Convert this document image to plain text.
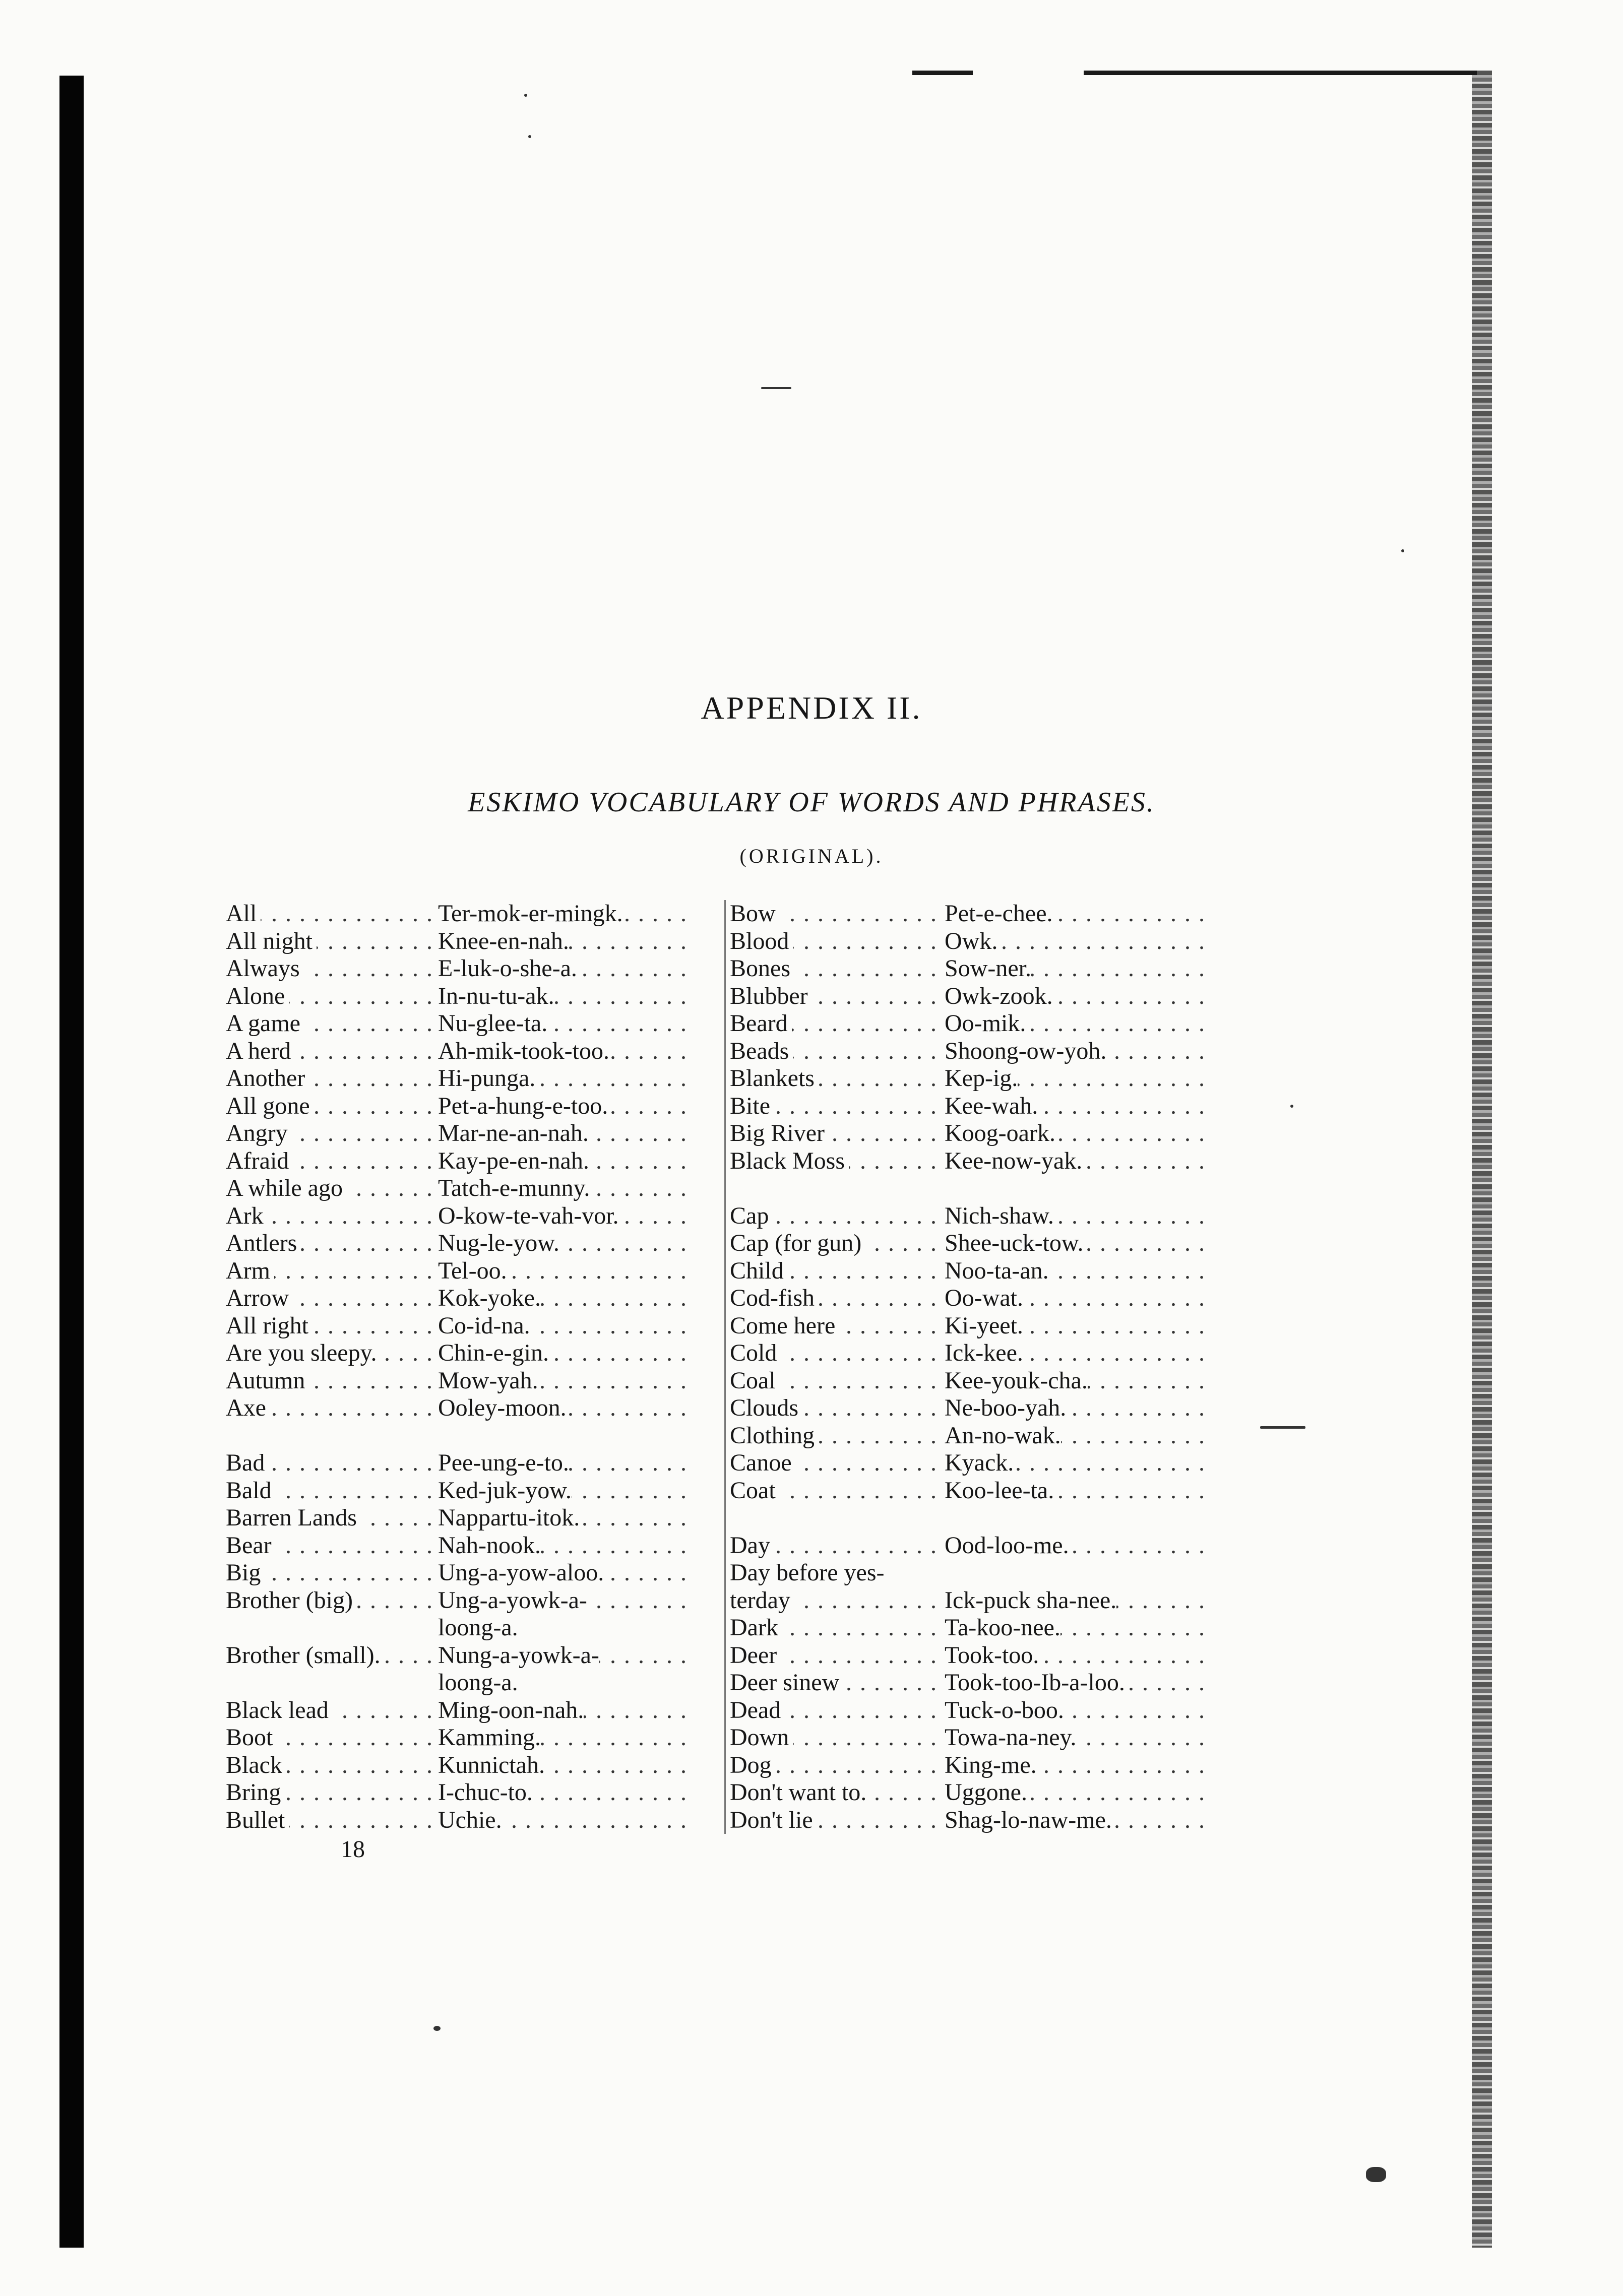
APPENDIX II.
ESKIMO VOCABULARY OF WORDS AND PHRASES.
(ORIGINAL).
All . . .	Ter-mok-er-mingk.
All night . . .	Knee-en-nah.
Always . . .	E-luk-o-she-a.
Alone . . .	In-nu-tu-ak.
A game . . .	Nu-glee-ta.
A herd . . .	Ah-mik-took-too.
Another . . .	Hi-punga.
All gone . . .	Pet-a-hung-e-too.
Angry . . .	Mar-ne-an-nah.
Afraid . . .	Kay-pe-en-nah.
A while ago . . .	Tatch-e-munny.
Ark . . .	O-kow-te-vah-vor.
Antlers . . .	Nug-le-yow.
Arm . . .	Tel-oo.
Arrow . . .	Kok-yoke.
All right . . .	Co-id-na.
Are you sleepy. . . .	Chin-e-gin.
Autumn . . .	Mow-yah.
Axe . . .	Ooley-moon.
Bad . . .	Pee-ung-e-to.
Bald . . .	Ked-juk-yow.
Barren Lands . . .	Nappartu-itok.
Bear . . .	Nah-nook.
Big . . .	Ung-a-yow-aloo.
Brother (big) . . .	Ung-a-yowk-a-
loong-a.
Brother (small). . . . Nung-a-yowk-a-
loong-a.
Black lead . . .	Ming-oon-nah.
Boot . . .	Kamming.
Black . . .	Kunnictah.
Bring . . .	I-chuc-to.
Bullet . . .	Uchie.
Bow . . .	Pet-e-chee.
Blood . . .	Owk.
Bones . . .	Sow-ner.
Blubber . . .	Owk-zook.
Beard . . .	Oo-mik.
Beads . . .	Shoong-ow-yoh.
Blankets . . .	Kep-ig.
Bite . . .	Kee-wah.
Big River . . .	Koog-oark.
Black Moss . . .	Kee-now-yak.
Cap . . .	Nich-shaw.
Cap (for gun) . . .	Shee-uck-tow.
Child . . .	Noo-ta-an.
Cod-fish . . .	Oo-wat.
Come here . . .	Ki-yeet.
Cold . . .	Ick-kee.
Coal . . .	Kee-youk-cha.
Clouds . . .	Ne-boo-yah.
Clothing . . .	An-no-wak.
Canoe . . .	Kyack.
Coat . . .	Koo-lee-ta.
Day . . .	Ood-loo-me.
Day before yes-
terday . . .	Ick-puck sha-nee.
Dark . . .	Ta-koo-nee.
Deer . . .	Took-too.
Deer sinew . . .	Took-too-Ib-a-loo.
Dead . . .	Tuck-o-boo.
Down . . .	Towa-na-ney.
Dog . . .	King-me.
Don't want to. . . .	Uggone.
Don't lie . . .	Shag-lo-naw-me.
18
